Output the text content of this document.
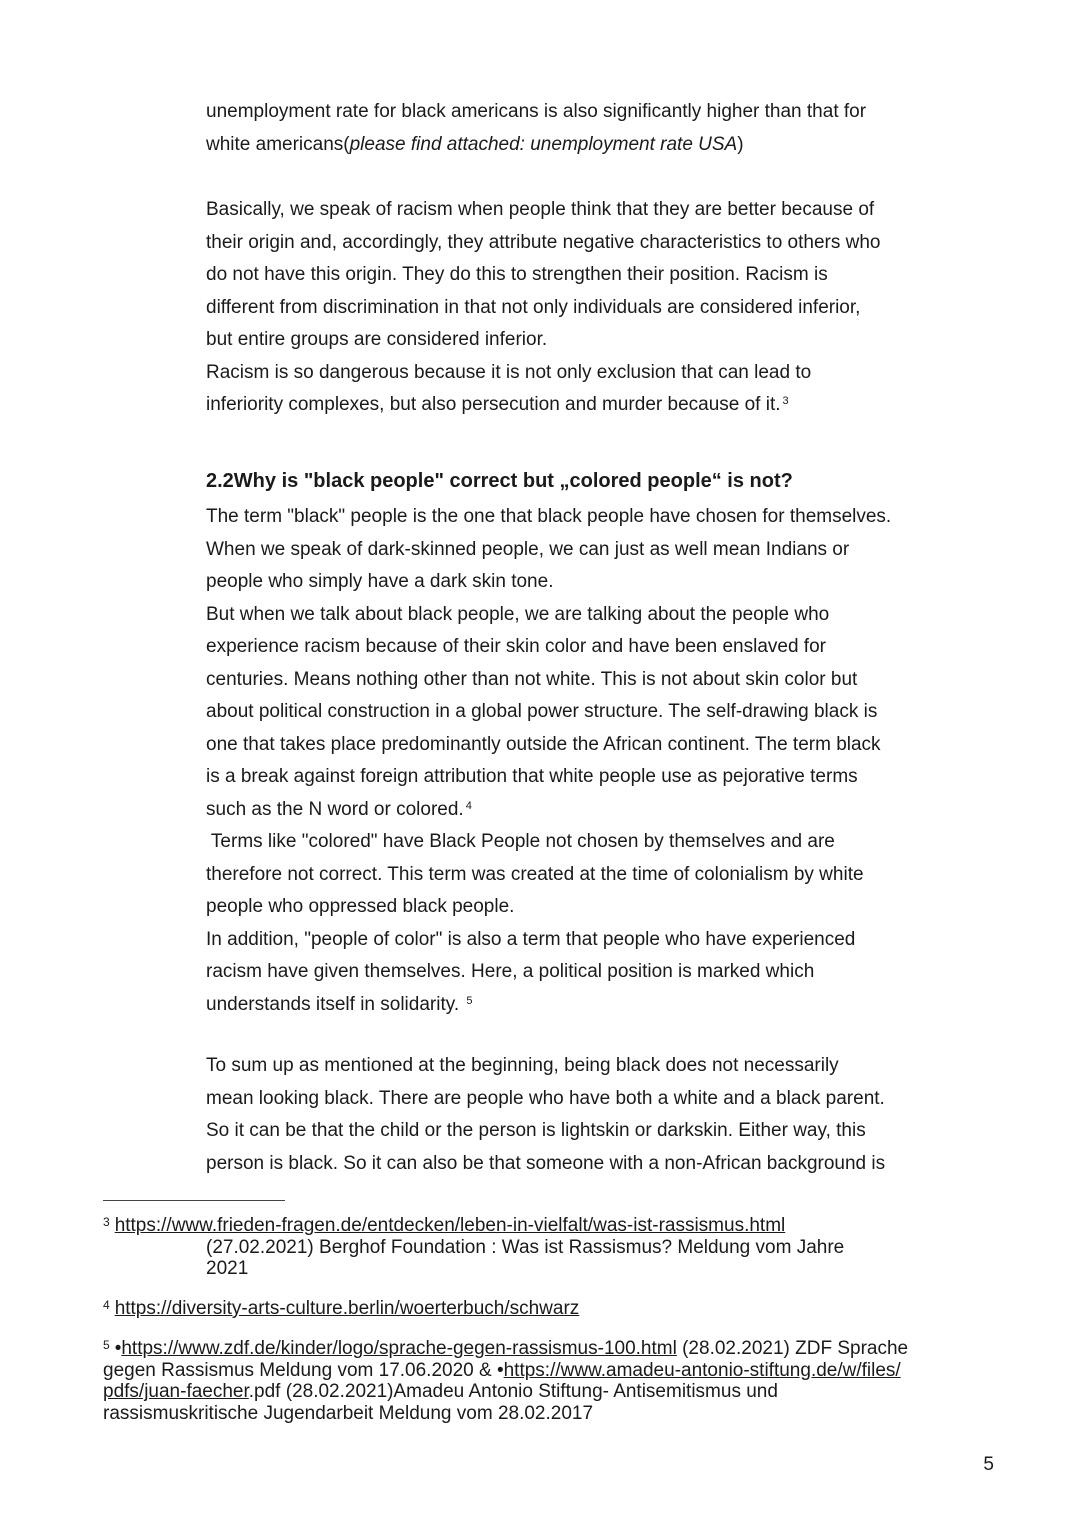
unemployment rate for black americans is also significantly higher than that for
white americans(please find attached: unemployment rate USA)
Basically, we speak of racism when people think that they are better because of
their origin and, accordingly, they attribute negative characteristics to others who
do not have this origin. They do this to strengthen their position. Racism is
different from discrimination in that not only individuals are considered inferior,
but entire groups are considered inferior.
Racism is so dangerous because it is not only exclusion that can lead to
inferiority complexes, but also persecution and murder because of it. $^3$
2.2Why is "black people" correct but „colored people“ is not?
The term "black" people is the one that black people have chosen for themselves.
When we speak of dark-skinned people, we can just as well mean Indians or
people who simply have a dark skin tone.
But when we talk about black people, we are talking about the people who
experience racism because of their skin color and have been enslaved for
centuries. Means nothing other than not white. This is not about skin color but
about political construction in a global power structure. The self-drawing black is
one that takes place predominantly outside the African continent. The term black
is a break against foreign attribution that white people use as pejorative terms
such as the N word or colored. $^4$
Terms like "colored" have Black People not chosen by themselves and are
therefore not correct. This term was created at the time of colonialism by white
people who oppressed black people.
In addition, "people of color" is also a term that people who have experienced
racism have given themselves. Here, a political position is marked which
understands itself in solidarity. $^5$
To sum up as mentioned at the beginning, being black does not necessarily
mean looking black. There are people who have both a white and a black parent.
So it can be that the child or the person is lightskin or darkskin. Either way, this
person is black. So it can also be that someone with a non-African background is
$^3$ https://www.frieden-fragen.de/entdecken/leben-in-vielfalt/was-ist-rassismus.html
(27.02.2021) Berghof Foundation : Was ist Rassismus? Meldung vom Jahre
2021
$^4$ https://diversity-arts-culture.berlin/woerterbuch/schwarz
$^5$ •https://www.zdf.de/kinder/logo/sprache-gegen-rassismus-100.html (28.02.2021) ZDF Sprache
gegen Rassismus Meldung vom 17.06.2020 & •https://www.amadeu-antonio-stiftung.de/w/files/
pdfs/juan-faecher.pdf (28.02.2021)Amadeu Antonio Stiftung- Antisemitismus und
rassismuskritische Jugendarbeit Meldung vom 28.02.2017
5
